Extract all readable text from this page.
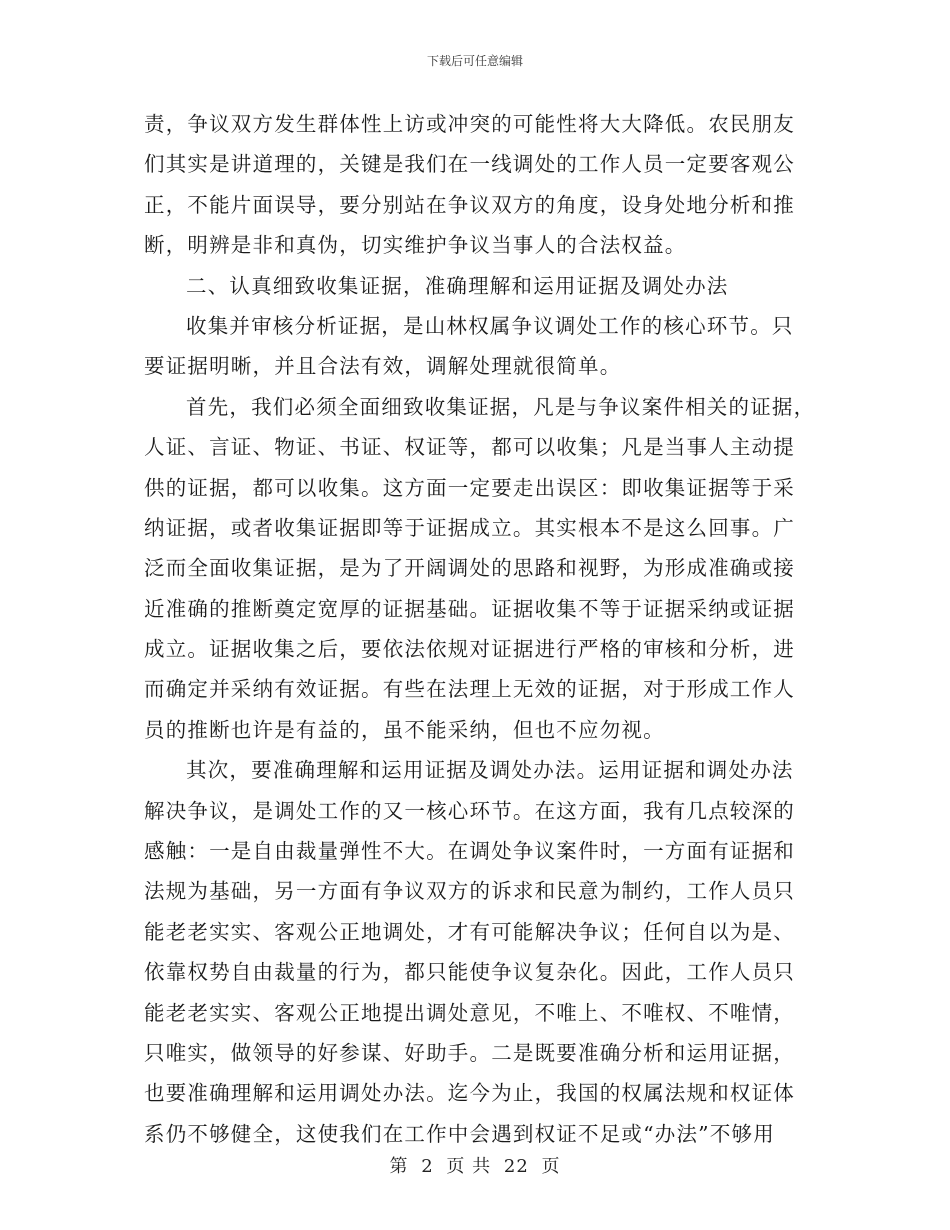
下载后可任意编辑
责，争议双方发生群体性上访或冲突的可能性将大大降低。农民朋友
们其实是讲道理的，关键是我们在一线调处的工作人员一定要客观公
正，不能片面误导，要分别站在争议双方的角度，设身处地分析和推
断，明辨是非和真伪，切实维护争议当事人的合法权益。
二、认真细致收集证据，准确理解和运用证据及调处办法
收集并审核分析证据，是山林权属争议调处工作的核心环节。只
要证据明晰，并且合法有效，调解处理就很简单。
首先，我们必须全面细致收集证据，凡是与争议案件相关的证据，
人证、言证、物证、书证、权证等，都可以收集；凡是当事人主动提
供的证据，都可以收集。这方面一定要走出误区：即收集证据等于采
纳证据，或者收集证据即等于证据成立。其实根本不是这么回事。广
泛而全面收集证据，是为了开阔调处的思路和视野，为形成准确或接
近准确的推断奠定宽厚的证据基础。证据收集不等于证据采纳或证据
成立。证据收集之后，要依法依规对证据进行严格的审核和分析，进
而确定并采纳有效证据。有些在法理上无效的证据，对于形成工作人
员的推断也许是有益的，虽不能采纳，但也不应勿视。
其次，要准确理解和运用证据及调处办法。运用证据和调处办法
解决争议，是调处工作的又一核心环节。在这方面，我有几点较深的
感触：一是自由裁量弹性不大。在调处争议案件时，一方面有证据和
法规为基础，另一方面有争议双方的诉求和民意为制约，工作人员只
能老老实实、客观公正地调处，才有可能解决争议；任何自以为是、
依靠权势自由裁量的行为，都只能使争议复杂化。因此，工作人员只
能老老实实、客观公正地提出调处意见，不唯上、不唯权、不唯情，
只唯实，做领导的好参谋、好助手。二是既要准确分析和运用证据，
也要准确理解和运用调处办法。迄今为止，我国的权属法规和权证体
系仍不够健全，这使我们在工作中会遇到权证不足或“办法”不够用
第 2 页 共 22 页
